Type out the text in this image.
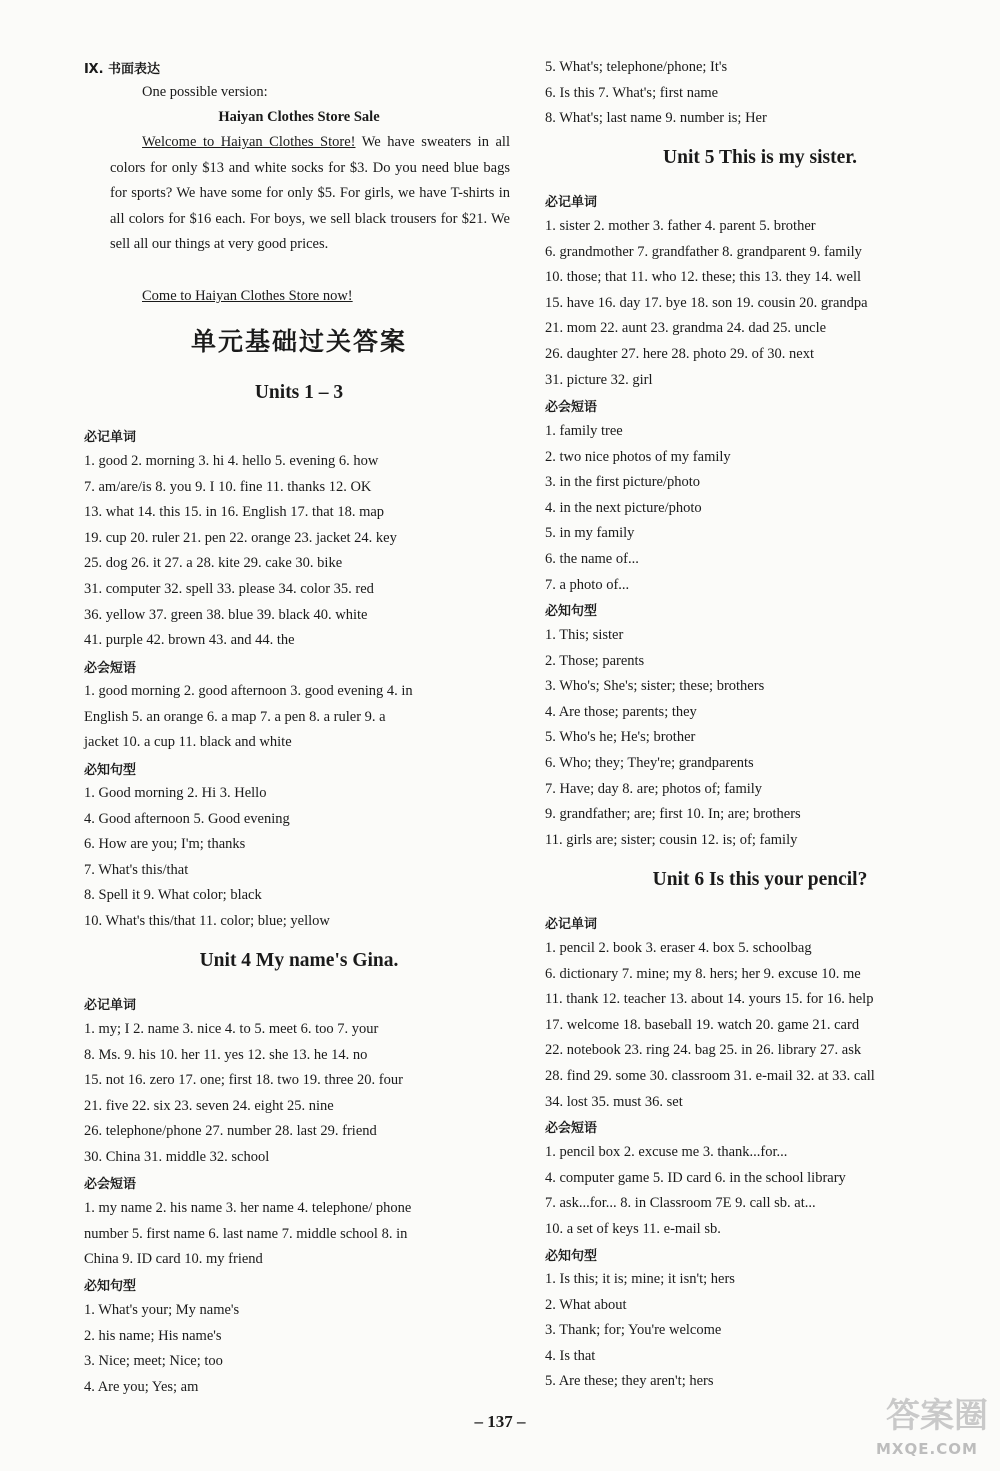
Ⅸ. 书面表达
One possible version:
Haiyan Clothes Store Sale
Welcome to Haiyan Clothes Store! We have sweaters in all colors for only $13 and white socks for $3. Do you need blue bags for sports? We have some for only $5. For girls, we have T-shirts in all colors for $16 each. For boys, we sell black trousers for $21. We sell all our things at very good prices.
Come to Haiyan Clothes Store now!
单元基础过关答案
Units 1 – 3
必记单词
1. good 2. morning 3. hi 4. hello 5. evening 6. how
7. am/are/is 8. you 9. I 10. fine 11. thanks 12. OK
13. what 14. this 15. in 16. English 17. that 18. map
19. cup 20. ruler 21. pen 22. orange 23. jacket 24. key
25. dog 26. it 27. a 28. kite 29. cake 30. bike
31. computer 32. spell 33. please 34. color 35. red
36. yellow 37. green 38. blue 39. black 40. white
41. purple 42. brown 43. and 44. the
必会短语
1. good morning 2. good afternoon 3. good evening 4. in
English 5. an orange 6. a map 7. a pen 8. a ruler 9. a
jacket 10. a cup 11. black and white
必知句型
1. Good morning 2. Hi 3. Hello
4. Good afternoon 5. Good evening
6. How are you; I'm; thanks
7. What's this/that
8. Spell it 9. What color; black
10. What's this/that 11. color; blue; yellow
Unit 4 My name's Gina.
必记单词
1. my; I 2. name 3. nice 4. to 5. meet 6. too 7. your
8. Ms. 9. his 10. her 11. yes 12. she 13. he 14. no
15. not 16. zero 17. one; first 18. two 19. three 20. four
21. five 22. six 23. seven 24. eight 25. nine
26. telephone/phone 27. number 28. last 29. friend
30. China 31. middle 32. school
必会短语
1. my name 2. his name 3. her name 4. telephone/ phone
number 5. first name 6. last name 7. middle school 8. in
China 9. ID card 10. my friend
必知句型
1. What's your; My name's
2. his name; His name's
3. Nice; meet; Nice; too
4. Are you; Yes; am
5. What's; telephone/phone; It's
6. Is this 7. What's; first name
8. What's; last name 9. number is; Her
Unit 5 This is my sister.
必记单词
1. sister 2. mother 3. father 4. parent 5. brother
6. grandmother 7. grandfather 8. grandparent 9. family
10. those; that 11. who 12. these; this 13. they 14. well
15. have 16. day 17. bye 18. son 19. cousin 20. grandpa
21. mom 22. aunt 23. grandma 24. dad 25. uncle
26. daughter 27. here 28. photo 29. of 30. next
31. picture 32. girl
必会短语
1. family tree
2. two nice photos of my family
3. in the first picture/photo
4. in the next picture/photo
5. in my family
6. the name of...
7. a photo of...
必知句型
1. This; sister
2. Those; parents
3. Who's; She's; sister; these; brothers
4. Are those; parents; they
5. Who's he; He's; brother
6. Who; they; They're; grandparents
7. Have; day 8. are; photos of; family
9. grandfather; are; first 10. In; are; brothers
11. girls are; sister; cousin 12. is; of; family
Unit 6 Is this your pencil?
必记单词
1. pencil 2. book 3. eraser 4. box 5. schoolbag
6. dictionary 7. mine; my 8. hers; her 9. excuse 10. me
11. thank 12. teacher 13. about 14. yours 15. for 16. help
17. welcome 18. baseball 19. watch 20. game 21. card
22. notebook 23. ring 24. bag 25. in 26. library 27. ask
28. find 29. some 30. classroom 31. e-mail 32. at 33. call
34. lost 35. must 36. set
必会短语
1. pencil box 2. excuse me 3. thank...for...
4. computer game 5. ID card 6. in the school library
7. ask...for... 8. in Classroom 7E 9. call sb. at...
10. a set of keys 11. e-mail sb.
必知句型
1. Is this; it is; mine; it isn't; hers
2. What about
3. Thank; for; You're welcome
4. Is that
5. Are these; they aren't; hers
– 137 –	答案圈
MXQE.COM
